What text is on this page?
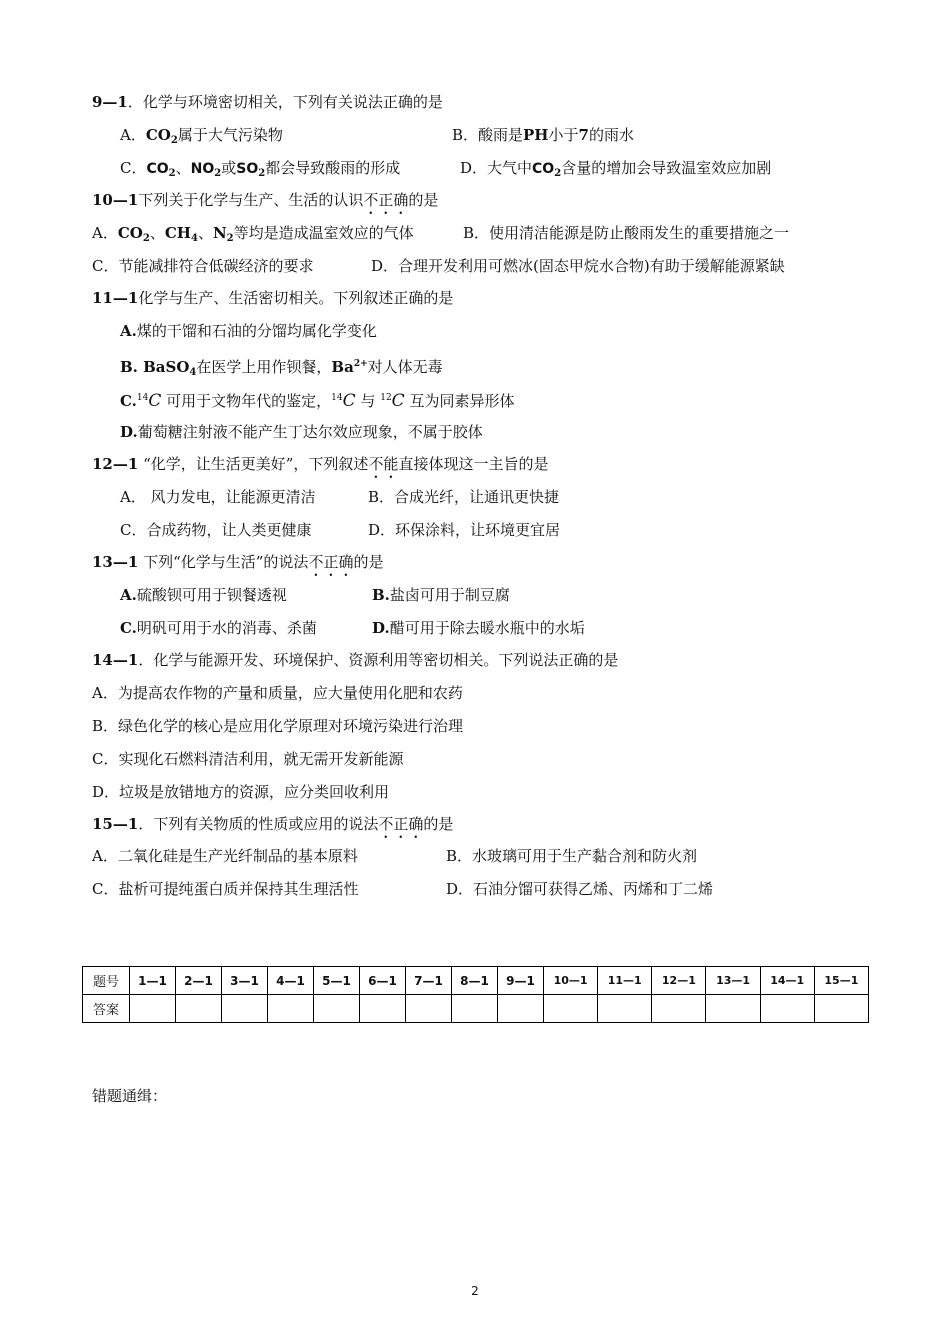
9—1．化学与环境密切相关，下列有关说法正确的是
A．$CO_2$属于大气污染物	B．酸雨是PH小于7的雨水
C．$CO_2$、$NO_2$或$SO_2$都会导致酸雨的形成	D．大气中$CO_2$含量的增加会导致温室效应加剧
10—1下列关于化学与生产、生活的认识不正确的是
A．$CO_2$、$CH_4$、$N_2$等均是造成温室效应的气体	B．使用清洁能源是防止酸雨发生的重要措施之一
C．节能减排符合低碳经济的要求	D．合理开发利用可燃冰(固态甲烷水合物)有助于缓解能源紧缺
11—1化学与生产、生活密切相关。下列叙述正确的是
A.煤的干馏和石油的分馏均属化学变化
B. BaSO$_4$在医学上用作钡餐，$Ba^{2+}$对人体无毒
C.$^{14}$C 可用于文物年代的鉴定，$^{14}$C 与 $^{12}$C 互为同素异形体
D.葡萄糖注射液不能产生丁达尔效应现象，不属于胶体
12—1 “化学，让生活更美好”，下列叙述不能直接体现这一主旨的是
A． 风力发电，让能源更清洁	B．合成光纤，让通讯更快捷
C．合成药物，让人类更健康	D．环保涂料，让环境更宜居
13—1 下列“化学与生活”的说法不正确的是
A.硫酸钡可用于钡餐透视	B.盐卤可用于制豆腐
C.明矾可用于水的消毒、杀菌	D.醋可用于除去暖水瓶中的水垢
14—1．化学与能源开发、环境保护、资源利用等密切相关。下列说法正确的是
A．为提高农作物的产量和质量，应大量使用化肥和农药
B．绿色化学的核心是应用化学原理对环境污染进行治理
C．实现化石燃料清洁利用，就无需开发新能源
D．垃圾是放错地方的资源，应分类回收利用
15—1．下列有关物质的性质或应用的说法不正确的是
A．二氧化硅是生产光纤制品的基本原料	B．水玻璃可用于生产黏合剂和防火剂
C．盐析可提纯蛋白质并保持其生理活性	D．石油分馏可获得乙烯、丙烯和丁二烯
题号	1—1	2—1	3—1	4—1	5—1	6—1	7—1	8—1	9—1	10—1	11—1	12—1	13—1	14—1	15—1
答案															
错题通缉：
2
